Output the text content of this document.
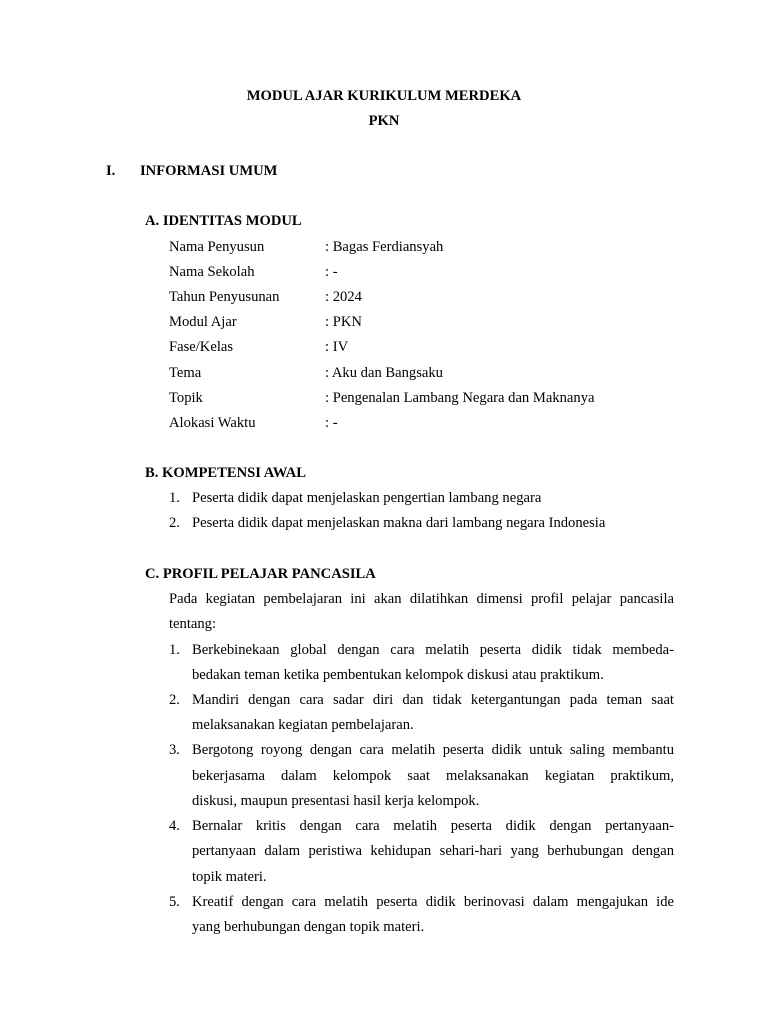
MODUL AJAR KURIKULUM MERDEKA
PKN
I. INFORMASI UMUM
A. IDENTITAS MODUL
Nama Penyusun	: Bagas Ferdiansyah
Nama Sekolah	: -
Tahun Penyusunan	: 2024
Modul Ajar	: PKN
Fase/Kelas	: IV
Tema	: Aku dan Bangsaku
Topik	: Pengenalan Lambang Negara dan Maknanya
Alokasi Waktu	: -
B. KOMPETENSI AWAL
1. Peserta didik dapat menjelaskan pengertian lambang negara
2. Peserta didik dapat menjelaskan makna dari lambang negara Indonesia
C. PROFIL PELAJAR PANCASILA
Pada kegiatan pembelajaran ini akan dilatihkan dimensi profil pelajar pancasila
tentang:
1. Berkebinekaan global dengan cara melatih peserta didik tidak membeda-
bedakan teman ketika pembentukan kelompok diskusi atau praktikum.
2. Mandiri dengan cara sadar diri dan tidak ketergantungan pada teman saat
melaksanakan kegiatan pembelajaran.
3. Bergotong royong dengan cara melatih peserta didik untuk saling membantu
bekerjasama dalam kelompok saat melaksanakan kegiatan praktikum,
diskusi, maupun presentasi hasil kerja kelompok.
4. Bernalar kritis dengan cara melatih peserta didik dengan pertanyaan-
pertanyaan dalam peristiwa kehidupan sehari-hari yang berhubungan dengan
topik materi.
5. Kreatif dengan cara melatih peserta didik berinovasi dalam mengajukan ide
yang berhubungan dengan topik materi.
